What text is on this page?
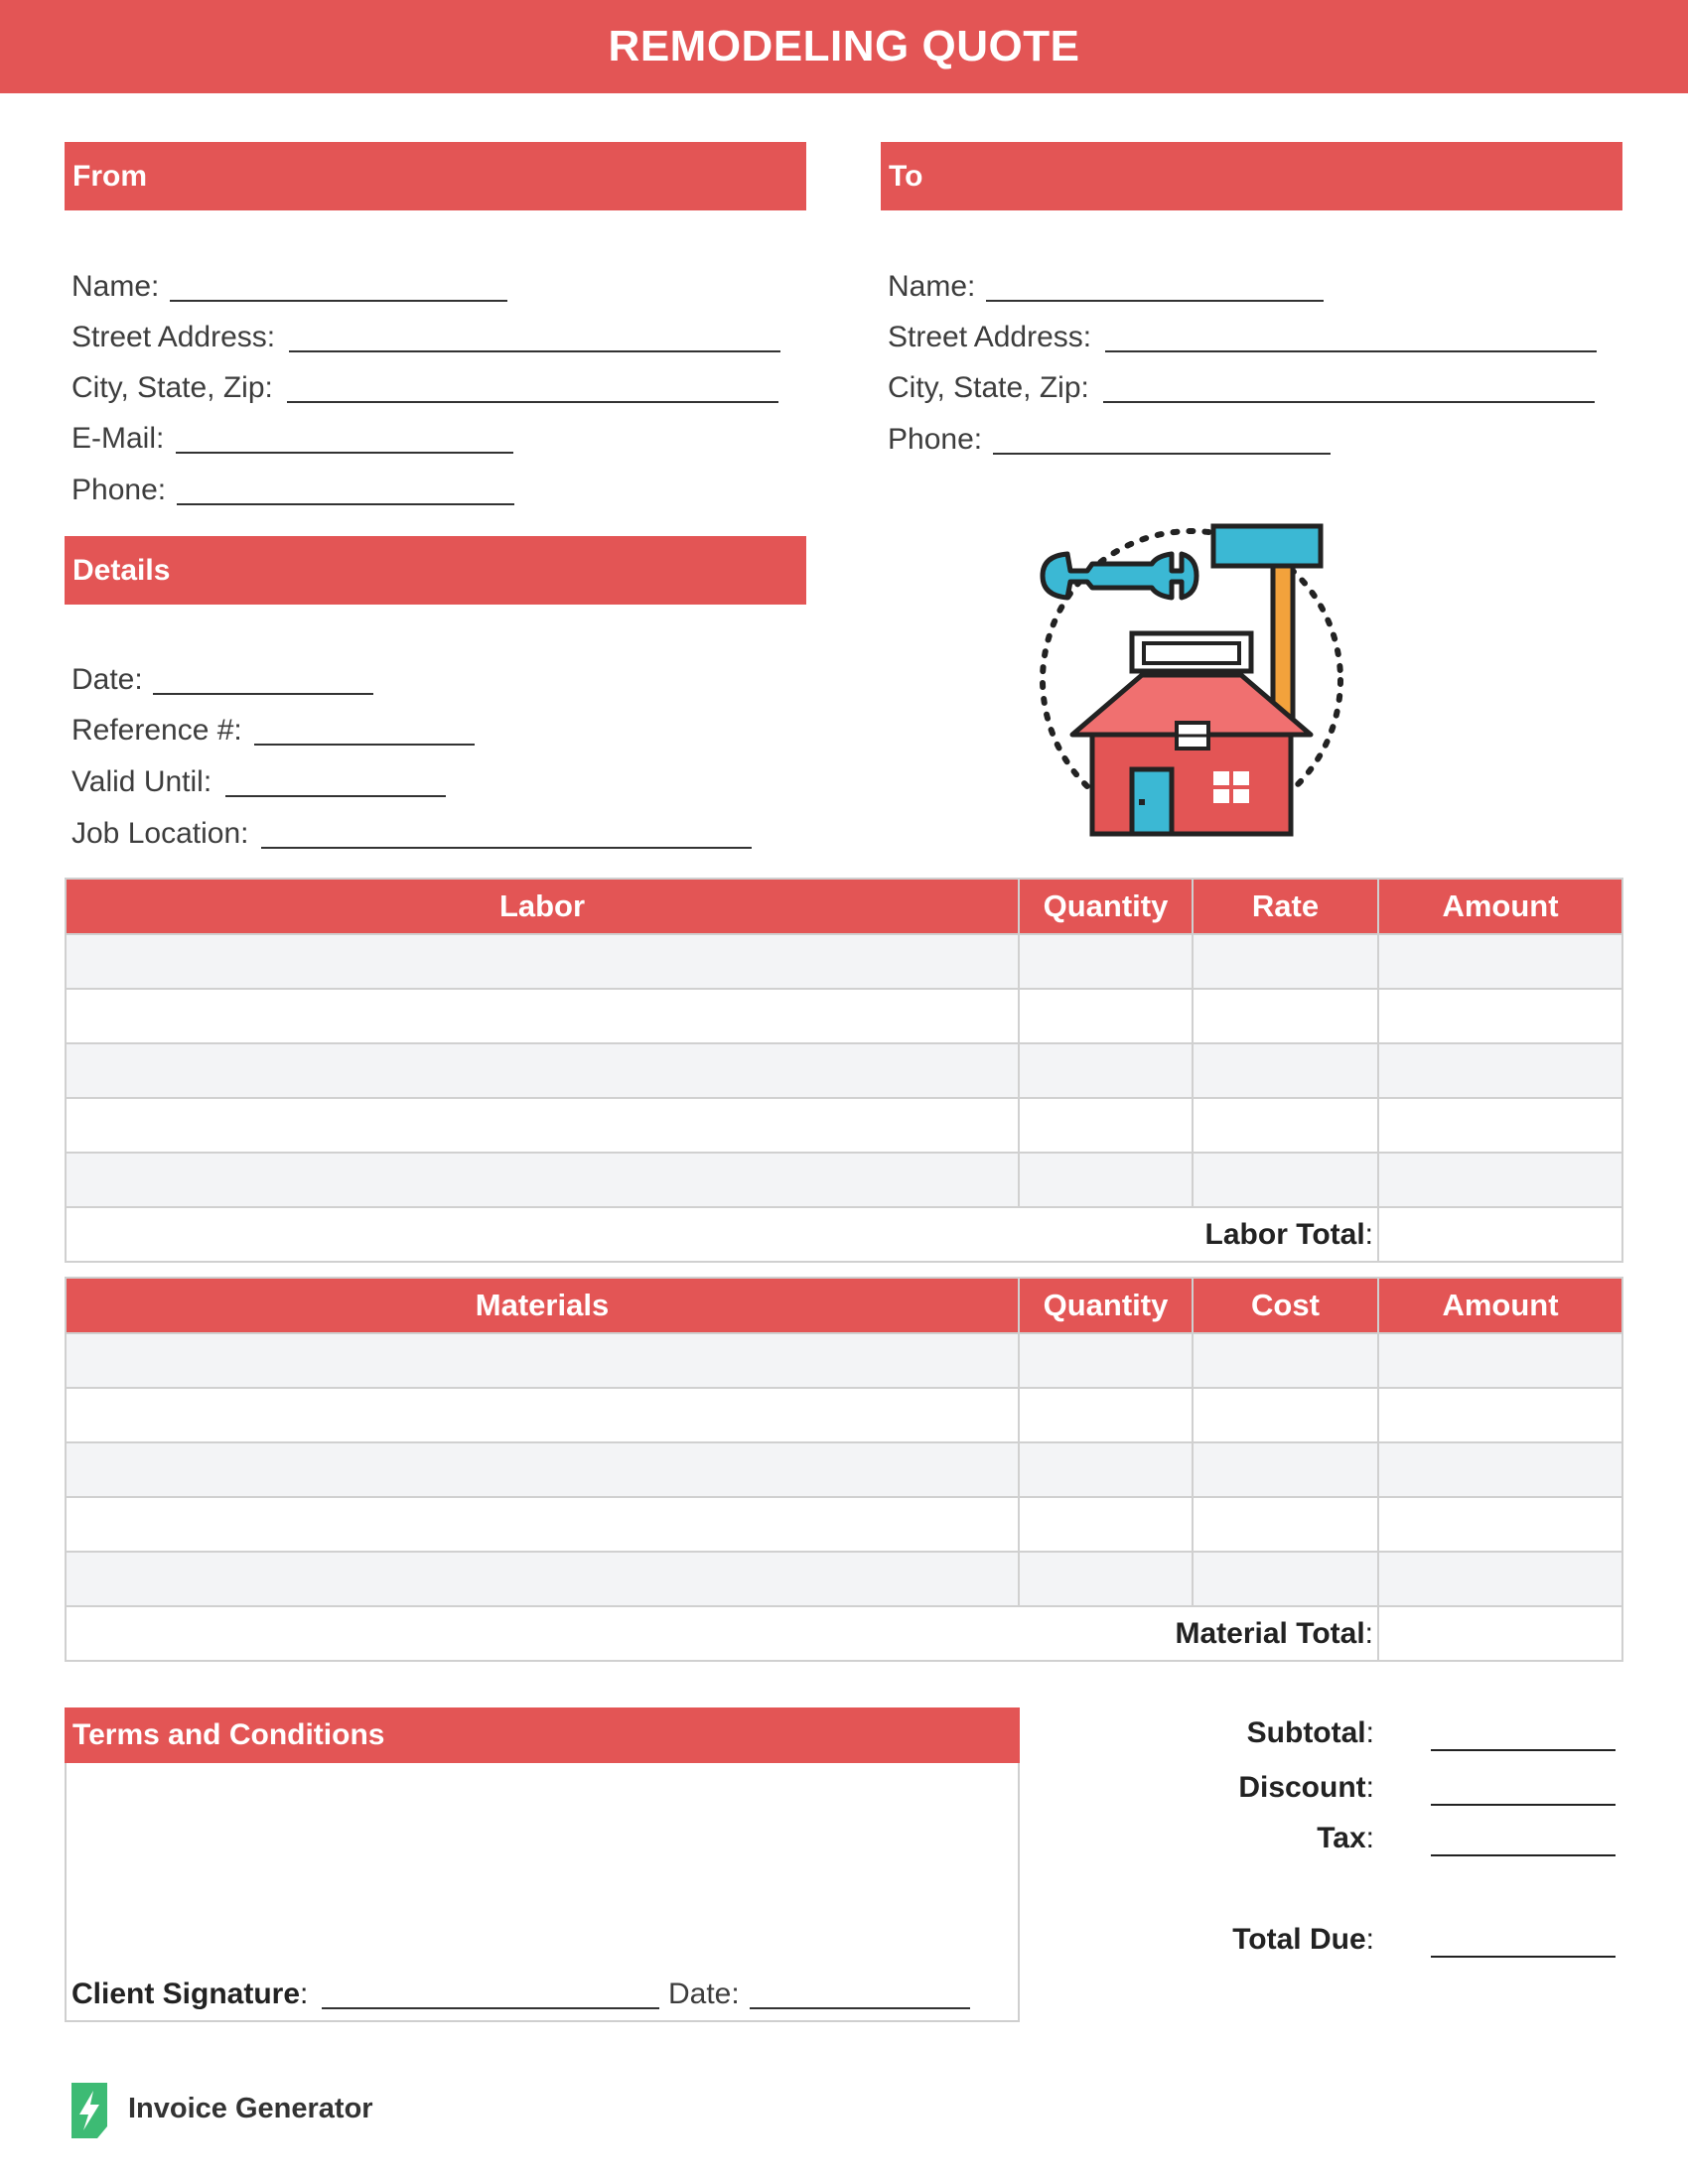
REMODELING QUOTE
From
Name:
Street Address:
City, State, Zip:
E-Mail:
Phone:
To
Name:
Street Address:
City, State, Zip:
Phone:
Details
Date:
Reference #:
Valid Until:
Job Location:
Labor	Quantity	Rate	Amount

Labor Total:			
Materials	Quantity	Cost	Amount

Material Total:			
Terms and Conditions
Client Signature:	Date:
Subtotal:
Discount:
Tax:
Total Due:
Invoice Generator
